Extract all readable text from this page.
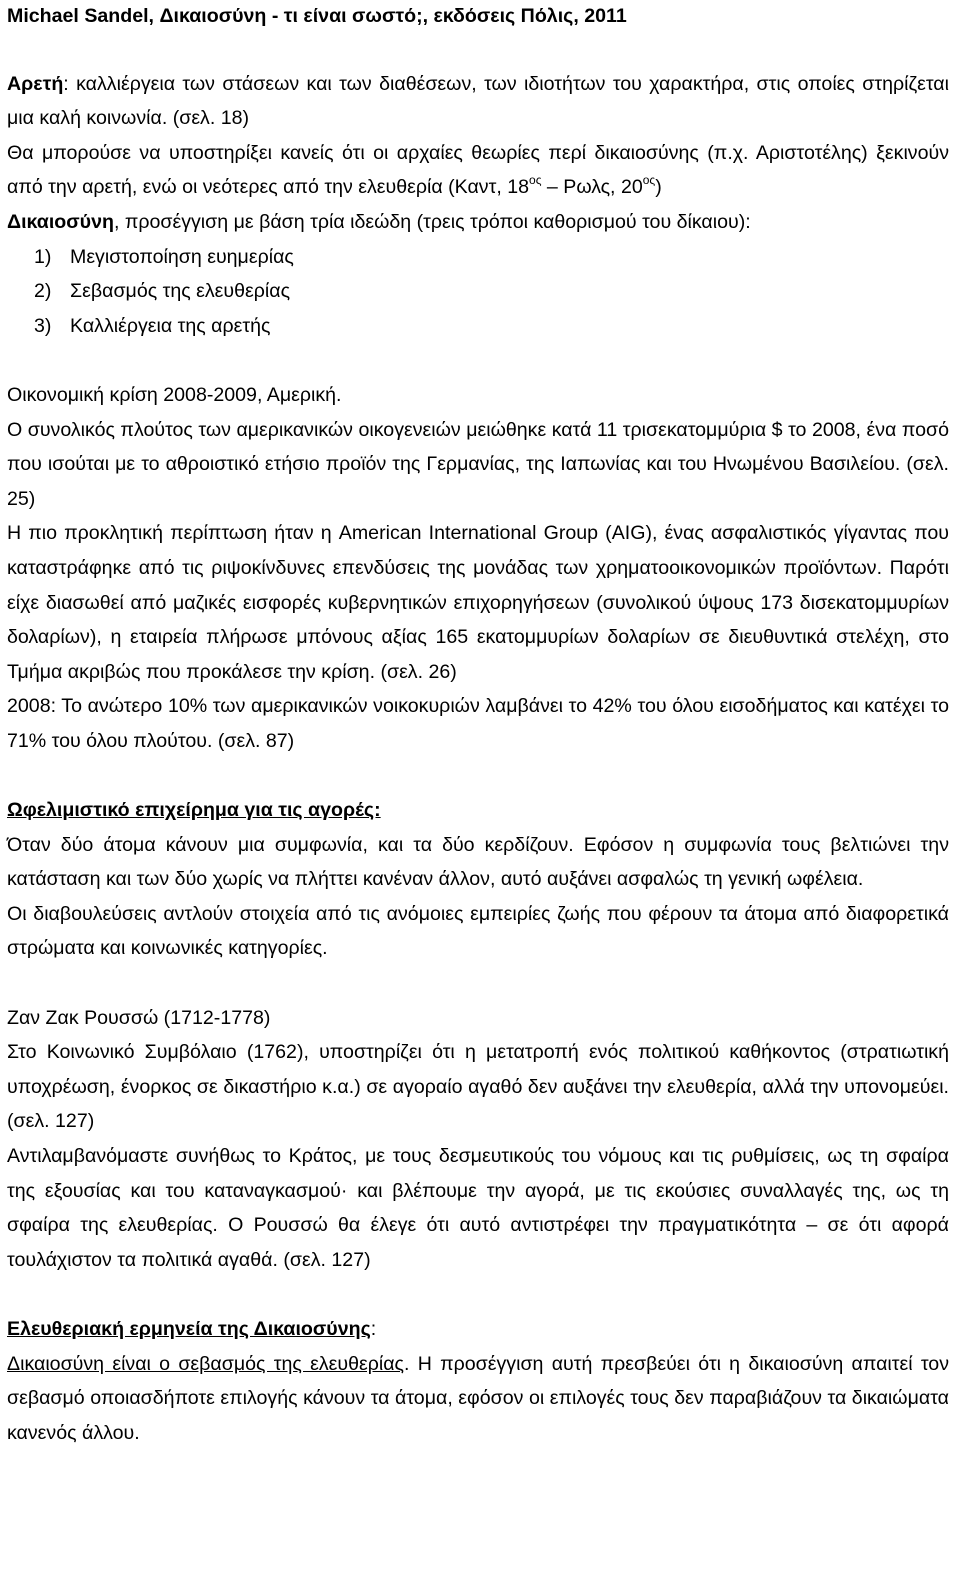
Michael Sandel, Δικαιοσύνη - τι είναι σωστό;, εκδόσεις Πόλις, 2011

Αρετή: καλλιέργεια των στάσεων και των διαθέσεων, των ιδιοτήτων του χαρακτήρα, στις οποίες στηρίζεται μια καλή κοινωνία. (σελ. 18)

Θα μπορούσε να υποστηρίξει κανείς ότι οι αρχαίες θεωρίες περί δικαιοσύνης (π.χ. Αριστοτέλης) ξεκινούν από την αρετή, ενώ οι νεότερες από την ελευθερία (Καντ, $18^{o\varsigma}$ – Ρωλς, $20^{o\varsigma}$)

Δικαιοσύνη, προσέγγιση με βάση τρία ιδεώδη (τρεις τρόποι καθορισμού του δίκαιου):

1) Μεγιστοποίηση ευημερίας

2) Σεβασμός της ελευθερίας

3) Καλλιέργεια της αρετής

Οικονομική κρίση 2008-2009, Αμερική.

Ο συνολικός πλούτος των αμερικανικών οικογενειών μειώθηκε κατά 11 τρισεκατομμύρια $ το 2008, ένα ποσό που ισούται με το αθροιστικό ετήσιο προϊόν της Γερμανίας, της Ιαπωνίας και του Ηνωμένου Βασιλείου. (σελ. 25)

Η πιο προκλητική περίπτωση ήταν η American International Group (AIG), ένας ασφαλιστικός γίγαντας που καταστράφηκε από τις ριψοκίνδυνες επενδύσεις της μονάδας των χρηματοοικονομικών προϊόντων. Παρότι είχε διασωθεί από μαζικές εισφορές κυβερνητικών επιχορηγήσεων (συνολικού ύψους 173 δισεκατομμυρίων δολαρίων), η εταιρεία πλήρωσε μπόνους αξίας 165 εκατομμυρίων δολαρίων σε διευθυντικά στελέχη, στο Τμήμα ακριβώς που προκάλεσε την κρίση. (σελ. 26)

2008: Το ανώτερο 10% των αμερικανικών νοικοκυριών λαμβάνει το 42% του όλου εισοδήματος και κατέχει το 71% του όλου πλούτου. (σελ. 87)

Ωφελιμιστικό επιχείρημα για τις αγορές:

Όταν δύο άτομα κάνουν μια συμφωνία, και τα δύο κερδίζουν. Εφόσον η συμφωνία τους βελτιώνει την κατάσταση και των δύο χωρίς να πλήττει κανέναν άλλον, αυτό αυξάνει ασφαλώς τη γενική ωφέλεια.

Οι διαβουλεύσεις αντλούν στοιχεία από τις ανόμοιες εμπειρίες ζωής που φέρουν τα άτομα από διαφορετικά στρώματα και κοινωνικές κατηγορίες.

Ζαν Ζακ Ρουσσώ (1712-1778)

Στο Κοινωνικό Συμβόλαιο (1762), υποστηρίζει ότι η μετατροπή ενός πολιτικού καθήκοντος (στρατιωτική υποχρέωση, ένορκος σε δικαστήριο κ.α.) σε αγοραίο αγαθό δεν αυξάνει την ελευθερία, αλλά την υπονομεύει. (σελ. 127)

Αντιλαμβανόμαστε συνήθως το Κράτος, με τους δεσμευτικούς του νόμους και τις ρυθμίσεις, ως τη σφαίρα της εξουσίας και του καταναγκασμού· και βλέπουμε την αγορά, με τις εκούσιες συναλλαγές της, ως τη σφαίρα της ελευθερίας. Ο Ρουσσώ θα έλεγε ότι αυτό αντιστρέφει την πραγματικότητα – σε ότι αφορά τουλάχιστον τα πολιτικά αγαθά. (σελ. 127)

Ελευθεριακή ερμηνεία της Δικαιοσύνης:

Δικαιοσύνη είναι ο σεβασμός της ελευθερίας. Η προσέγγιση αυτή πρεσβεύει ότι η δικαιοσύνη απαιτεί τον σεβασμό οποιασδήποτε επιλογής κάνουν τα άτομα, εφόσον οι επιλογές τους δεν παραβιάζουν τα δικαιώματα κανενός άλλου.
